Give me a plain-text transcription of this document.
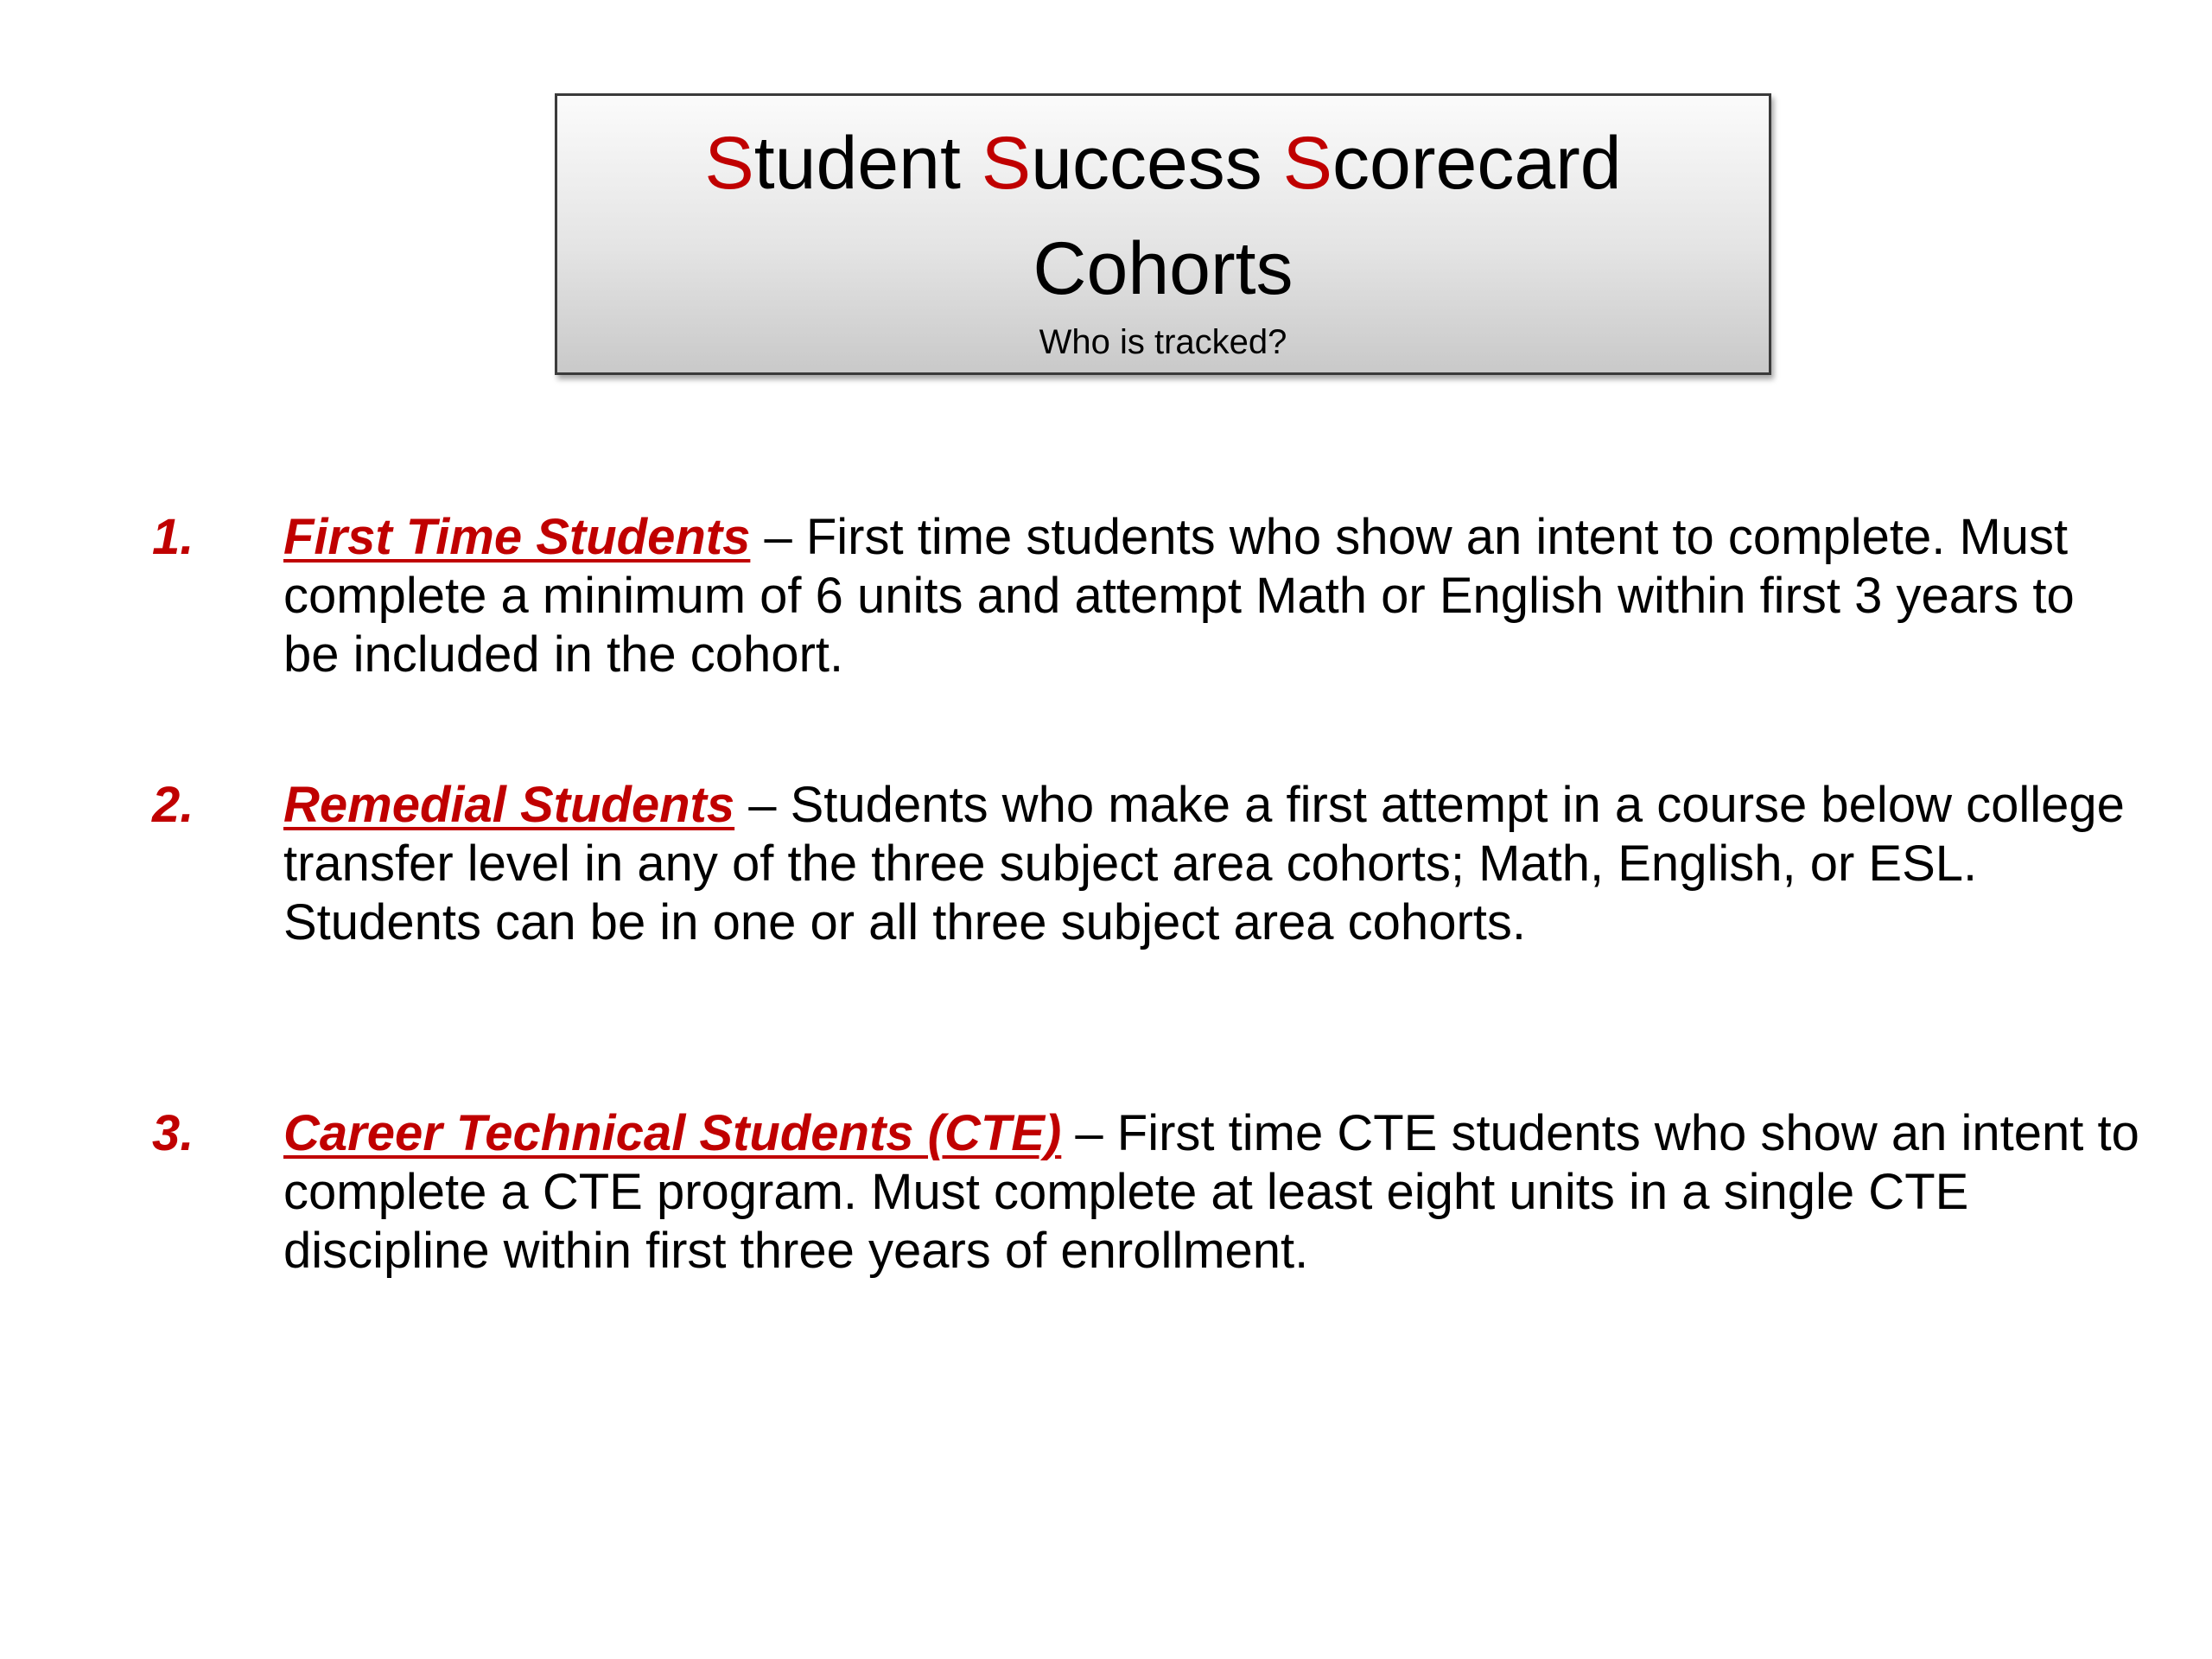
Student Success Scorecard
Cohorts
Who is tracked?
1. First Time Students – First time students who show an intent to complete. Must complete a minimum of 6 units and attempt Math or English within first 3 years to be included in the cohort.
2. Remedial Students – Students who make a first attempt in a course below college transfer level in any of the three subject area cohorts; Math, English, or ESL. Students can be in one or all three subject area cohorts.
3. Career Technical Students (CTE) – First time CTE students who show an intent to complete a CTE program. Must complete at least eight units in a single CTE discipline within first three years of enrollment.
